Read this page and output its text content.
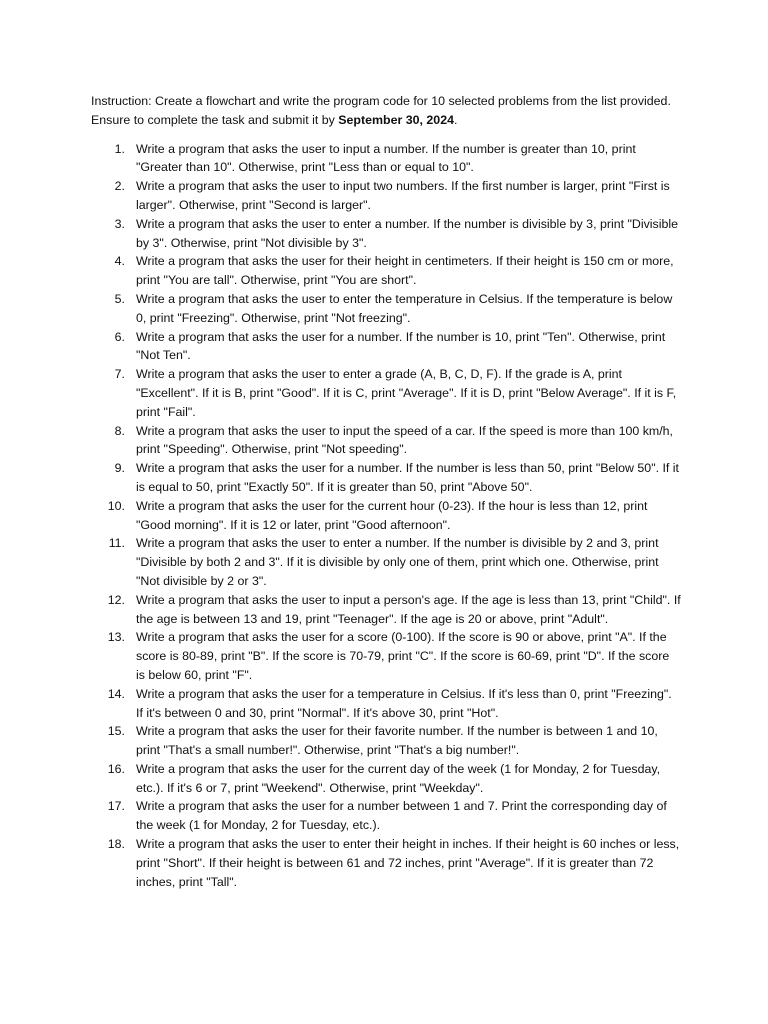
Instruction: Create a flowchart and write the program code for 10 selected problems from the list provided. Ensure to complete the task and submit it by September 30, 2024.

1. Write a program that asks the user to input a number. If the number is greater than 10, print "Greater than 10". Otherwise, print "Less than or equal to 10".
2. Write a program that asks the user to input two numbers. If the first number is larger, print "First is larger". Otherwise, print "Second is larger".
3. Write a program that asks the user to enter a number. If the number is divisible by 3, print "Divisible by 3". Otherwise, print "Not divisible by 3".
4. Write a program that asks the user for their height in centimeters. If their height is 150 cm or more, print "You are tall". Otherwise, print "You are short".
5. Write a program that asks the user to enter the temperature in Celsius. If the temperature is below 0, print "Freezing". Otherwise, print "Not freezing".
6. Write a program that asks the user for a number. If the number is 10, print "Ten". Otherwise, print "Not Ten".
7. Write a program that asks the user to enter a grade (A, B, C, D, F). If the grade is A, print "Excellent". If it is B, print "Good". If it is C, print "Average". If it is D, print "Below Average". If it is F, print "Fail".
8. Write a program that asks the user to input the speed of a car. If the speed is more than 100 km/h, print "Speeding". Otherwise, print "Not speeding".
9. Write a program that asks the user for a number. If the number is less than 50, print "Below 50". If it is equal to 50, print "Exactly 50". If it is greater than 50, print "Above 50".
10. Write a program that asks the user for the current hour (0-23). If the hour is less than 12, print "Good morning". If it is 12 or later, print "Good afternoon".
11. Write a program that asks the user to enter a number. If the number is divisible by 2 and 3, print "Divisible by both 2 and 3". If it is divisible by only one of them, print which one. Otherwise, print "Not divisible by 2 or 3".
12. Write a program that asks the user to input a person's age. If the age is less than 13, print "Child". If the age is between 13 and 19, print "Teenager". If the age is 20 or above, print "Adult".
13. Write a program that asks the user for a score (0-100). If the score is 90 or above, print "A". If the score is 80-89, print "B". If the score is 70-79, print "C". If the score is 60-69, print "D". If the score is below 60, print "F".
14. Write a program that asks the user for a temperature in Celsius. If it's less than 0, print "Freezing". If it's between 0 and 30, print "Normal". If it's above 30, print "Hot".
15. Write a program that asks the user for their favorite number. If the number is between 1 and 10, print "That's a small number!". Otherwise, print "That's a big number!".
16. Write a program that asks the user for the current day of the week (1 for Monday, 2 for Tuesday, etc.). If it's 6 or 7, print "Weekend". Otherwise, print "Weekday".
17. Write a program that asks the user for a number between 1 and 7. Print the corresponding day of the week (1 for Monday, 2 for Tuesday, etc.).
18. Write a program that asks the user to enter their height in inches. If their height is 60 inches or less, print "Short". If their height is between 61 and 72 inches, print "Average". If it is greater than 72 inches, print "Tall".
